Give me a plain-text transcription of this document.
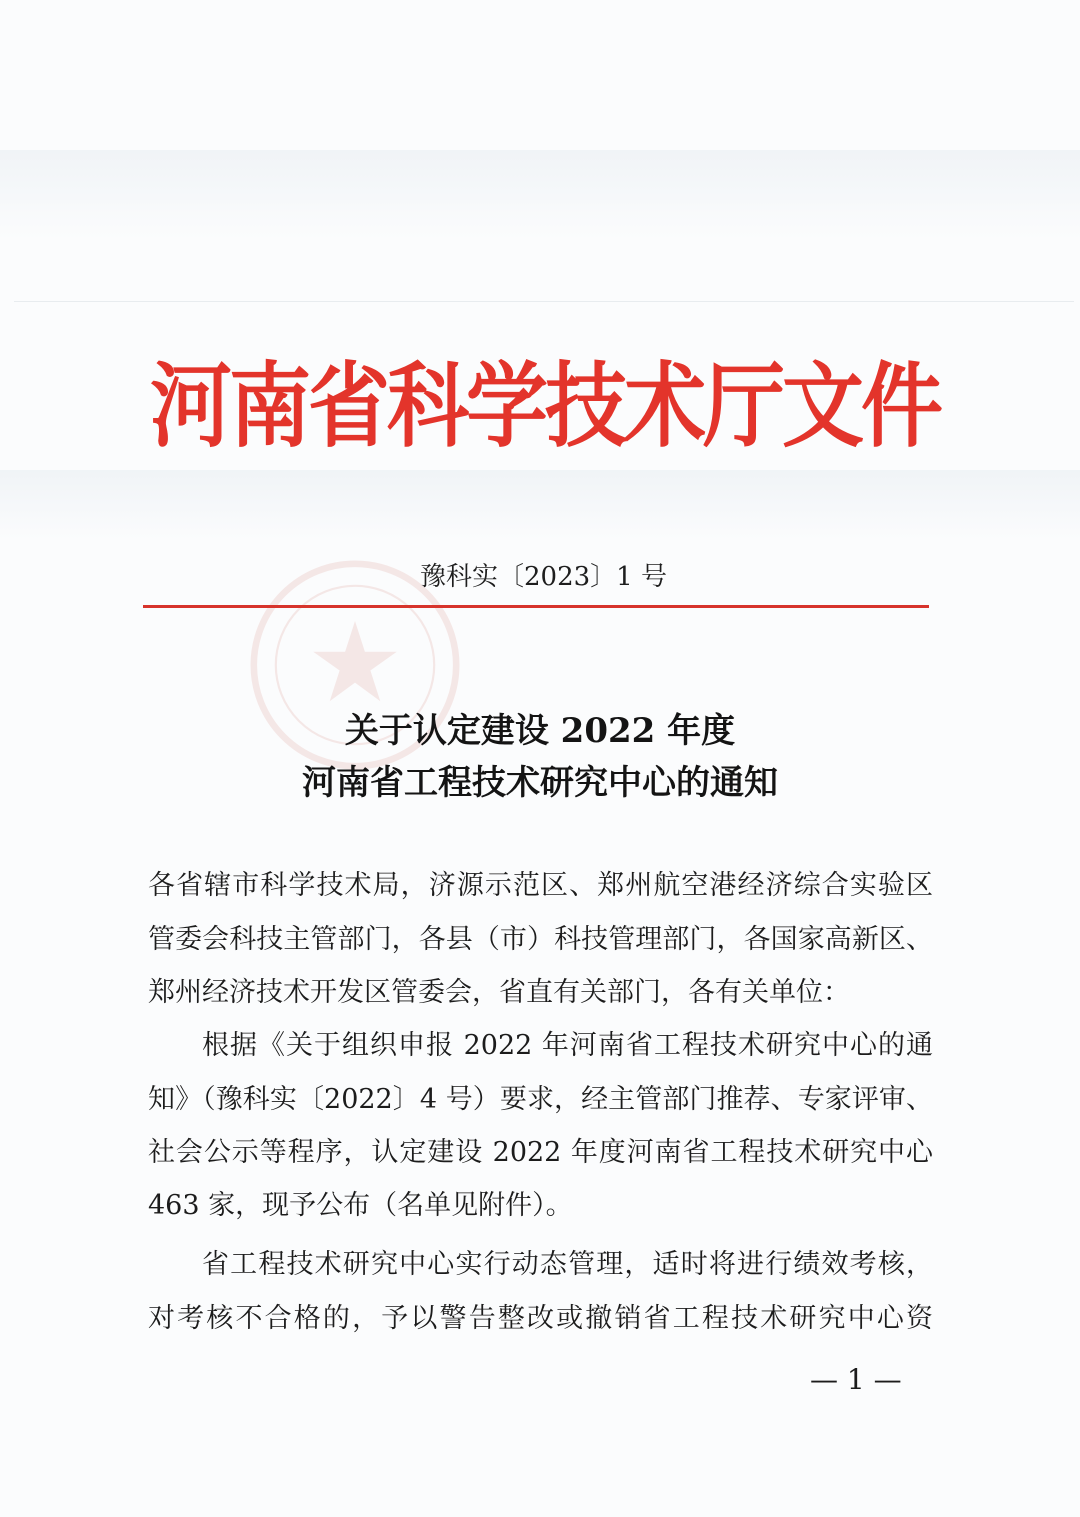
河南省科学技术厅文件
豫科实〔2023〕1 号
关于认定建设 2022 年度
河南省工程技术研究中心的通知
各省辖市科学技术局，济源示范区、郑州航空港经济综合实验区
管委会科技主管部门，各县（市）科技管理部门，各国家高新区、
郑州经济技术开发区管委会，省直有关部门，各有关单位：
根据《关于组织申报 2022 年河南省工程技术研究中心的通
知》（豫科实〔2022〕4 号）要求，经主管部门推荐、专家评审、
社会公示等程序，认定建设 2022 年度河南省工程技术研究中心
463 家，现予公布（名单见附件）。
省工程技术研究中心实行动态管理，适时将进行绩效考核，
对考核不合格的，予以警告整改或撤销省工程技术研究中心资
— 1 —
